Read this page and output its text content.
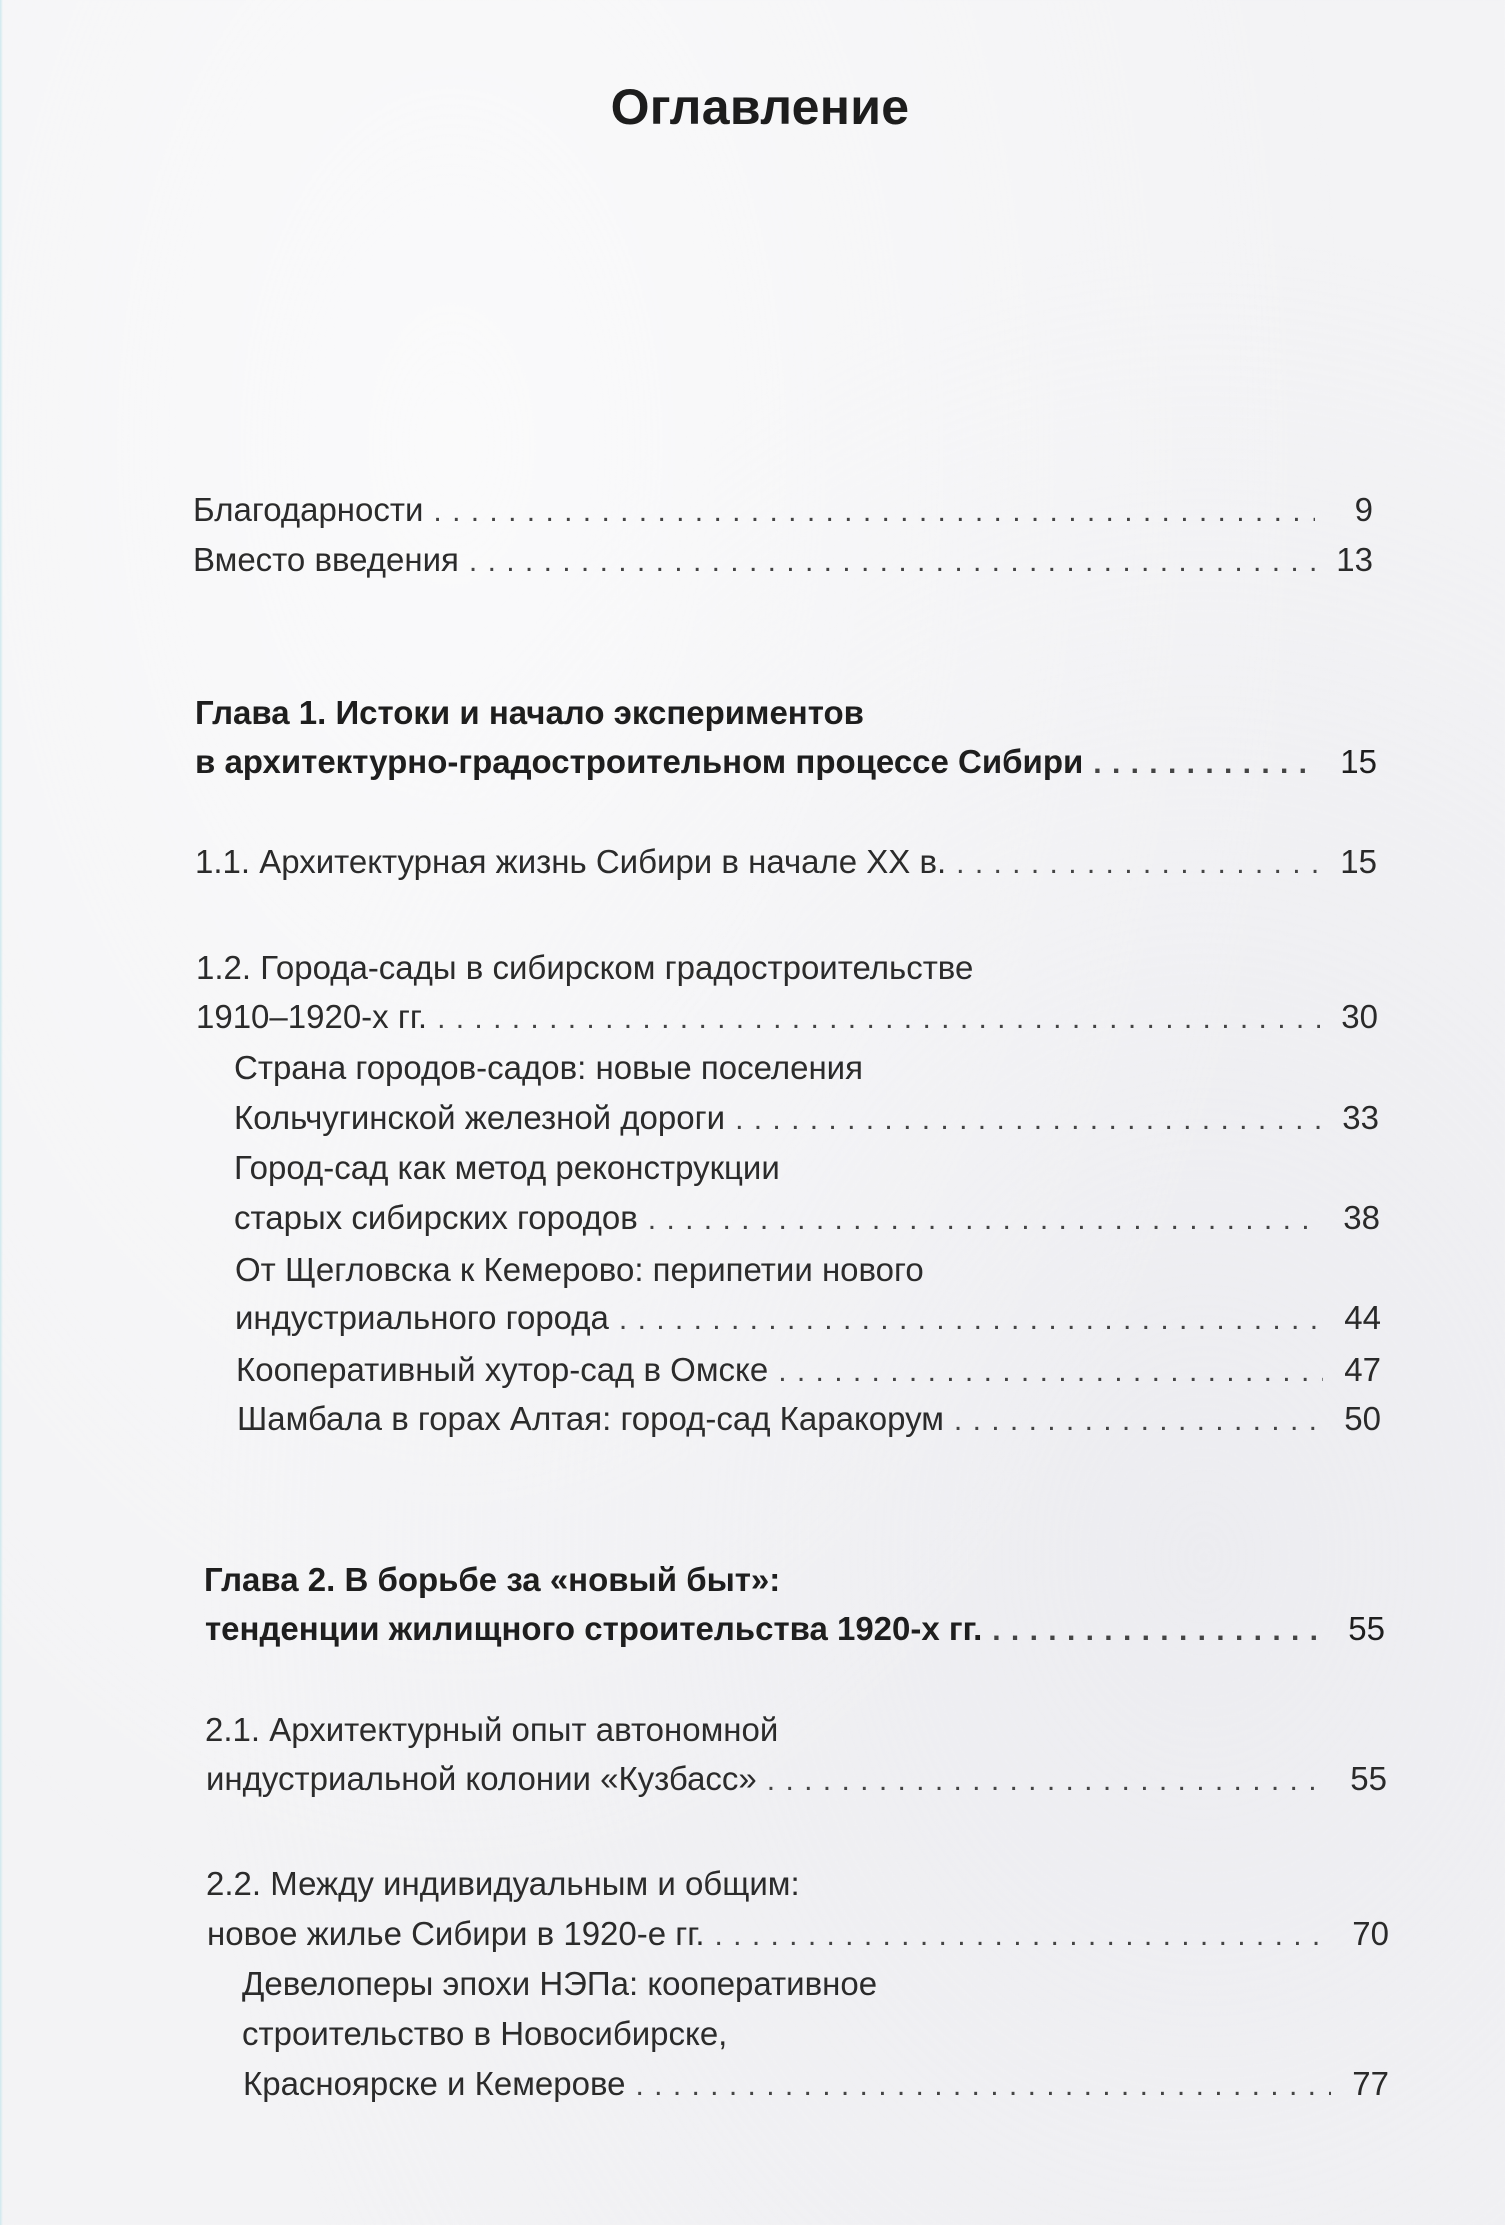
Оглавление
Благодарности . . .	9
Вместо введения . . .	13
Глава 1. Истоки и начало экспериментов
в архитектурно-градостроительном процессе Сибири . . .	15
1.1. Архитектурная жизнь Сибири в начале XX в. . . .	15
1.2. Города-сады в сибирском градостроительстве
1910–1920-х гг. . . .	30
Страна городов-садов: новые поселения
Кольчугинской железной дороги . . .	33
Город-сад как метод реконструкции
старых сибирских городов . . .	38
От Щегловска к Кемерово: перипетии нового
индустриального города . . .	44
Кооперативный хутор-сад в Омске . . .	47
Шамбала в горах Алтая: город-сад Каракорум . . .	50
Глава 2. В борьбе за «новый быт»:
тенденции жилищного строительства 1920-х гг. . . .	55
2.1. Архитектурный опыт автономной
индустриальной колонии «Кузбасс» . . .	55
2.2. Между индивидуальным и общим:
новое жилье Сибири в 1920-е гг. . . .	70
Девелоперы эпохи НЭПа: кооперативное
строительство в Новосибирске,
Красноярске и Кемерове . . .	77
